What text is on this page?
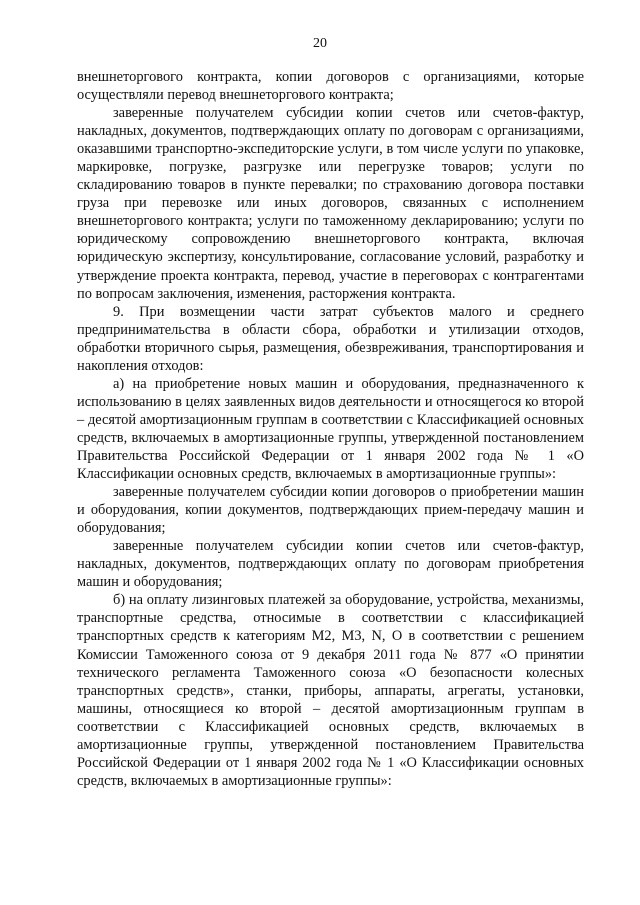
20

внешнеторгового контракта, копии договоров с организациями, которые осуществляли перевод внешнеторгового контракта;

заверенные получателем субсидии копии счетов или счетов-фактур, накладных, документов, подтверждающих оплату по договорам с организациями, оказавшими транспортно-экспедиторские услуги, в том числе услуги по упаковке, маркировке, погрузке, разгрузке или перегрузке товаров; услуги по складированию товаров в пункте перевалки; по страхованию договора поставки груза при перевозке или иных договоров, связанных с исполнением внешнеторгового контракта; услуги по таможенному декларированию; услуги по юридическому сопровождению внешнеторгового контракта, включая юридическую экспертизу, консультирование, согласование условий, разработку и утверждение проекта контракта, перевод, участие в переговорах с контрагентами по вопросам заключения, изменения, расторжения контракта.

9. При возмещении части затрат субъектов малого и среднего предпринимательства в области сбора, обработки и утилизации отходов, обработки вторичного сырья, размещения, обезвреживания, транспортирования и накопления отходов:

а) на приобретение новых машин и оборудования, предназначенного к использованию в целях заявленных видов деятельности и относящегося ко второй – десятой амортизационным группам в соответствии с Классификацией основных средств, включаемых в амортизационные группы, утвержденной постановлением Правительства Российской Федерации от 1 января 2002 года № 1 «О Классификации основных средств, включаемых в амортизационные группы»:

заверенные получателем субсидии копии договоров о приобретении машин и оборудования, копии документов, подтверждающих прием-передачу машин и оборудования;

заверенные получателем субсидии копии счетов или счетов-фактур, накладных, документов, подтверждающих оплату по договорам приобретения машин и оборудования;

б) на оплату лизинговых платежей за оборудование, устройства, механизмы, транспортные средства, относимые в соответствии с классификацией транспортных средств к категориям М2, М3, N, О в соответствии с решением Комиссии Таможенного союза от 9 декабря 2011 года № 877 «О принятии технического регламента Таможенного союза «О безопасности колесных транспортных средств», станки, приборы, аппараты, агрегаты, установки, машины, относящиеся ко второй – десятой амортизационным группам в соответствии с Классификацией основных средств, включаемых в амортизационные группы, утвержденной постановлением Правительства Российской Федерации от 1 января 2002 года № 1 «О Классификации основных средств, включаемых в амортизационные группы»:
